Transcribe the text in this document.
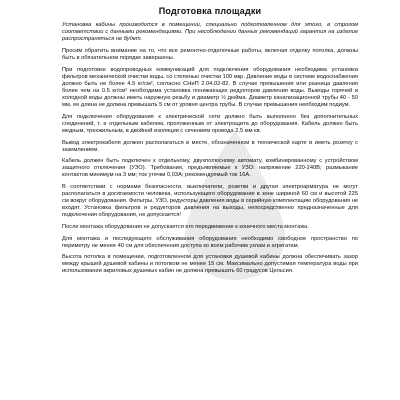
Подготовка площадки

Установка кабины производится в помещении, специально подготовленном для этого, в строгом соответствии с данными рекомендациями. При несоблюдении данных рекомендаций гарантия на изделие распространяться не будет.

Просим обратить внимание на то, что все ремонтно-отделочные работы, включая отделку потолка, должны быть в обязательном порядке завершены.

При подготовке водопроводных коммуникаций для подключения оборудования необходима установка фильтров механической очистки воды, со степенью очистки 100 мкр. Давление воды в системе водоснабжения должно быть не более 4.5 кг/см², согласно СНиП 2.04.02-82. В случае превышения или разница давления более чем на 0.5 кг/см² необходима установка понижающих редукторов давления воды. Выводы горячей и холодной воды должны иметь наружную резьбу и диаметр ½ дюйма. Диаметр канализационной трубы 40 - 50 мм, ее длина не должна превышать 5 см от уровня центра трубы. В случае превышения необходим подиум.

Для подключения оборудования к электрической сети должно быть выполнено без дополнительных соединений, т. е отдельным кабелем, проложенным от электрощита до оборудования. Кабель должен быть медным, трехжильным, в двойной изоляции с сечением провода 2,5 мм кв.

Вывод электрокабеля должен располагаться в месте, обозначенном в технической карте и иметь розетку с заземлением.

Кабель должен быть подключен к отдельному, двухполюсному автомату, комбинированному с устройством защитного отключения (УЗО). Требования, предъявляемые к УЗО: напряжение 220-240В; размыкание контактов минимум на 3 мм; ток утечки 0,03А; рекомендуемый ток 16А.

В соответствии с нормами безопасности, выключатели, розетки и другая электроарматура не могут располагаться в досягаемости человека, использующего оборудование в зоне шириной 60 см и высотой 225 см вокруг оборудования. Фильтры, УЗО, редукторы давления воды в серийную комплектацию оборудования не входят. Установка фильтров и редукторов давления на выходы, непосредственно предназначенные для подключения оборудования, не допускается!

После монтажа оборудования не допускается его передвижение к конечного места монтажа.

Для монтажа и последующего обслуживания оборудования необходимо свободное пространство по периметру не менее 40 см для обеспечения доступа ко всем рабочим узлам и агрегатам.

Высота потолка в помещении, подготовленном для установки душевой кабины должна обеспечивать зазор между крышей душевой кабины и потолком не менее 15 см. Максимально допустимая температура воды при использовании акриловых душевых кабин не должна превышать 60 градусов Цельсия.
